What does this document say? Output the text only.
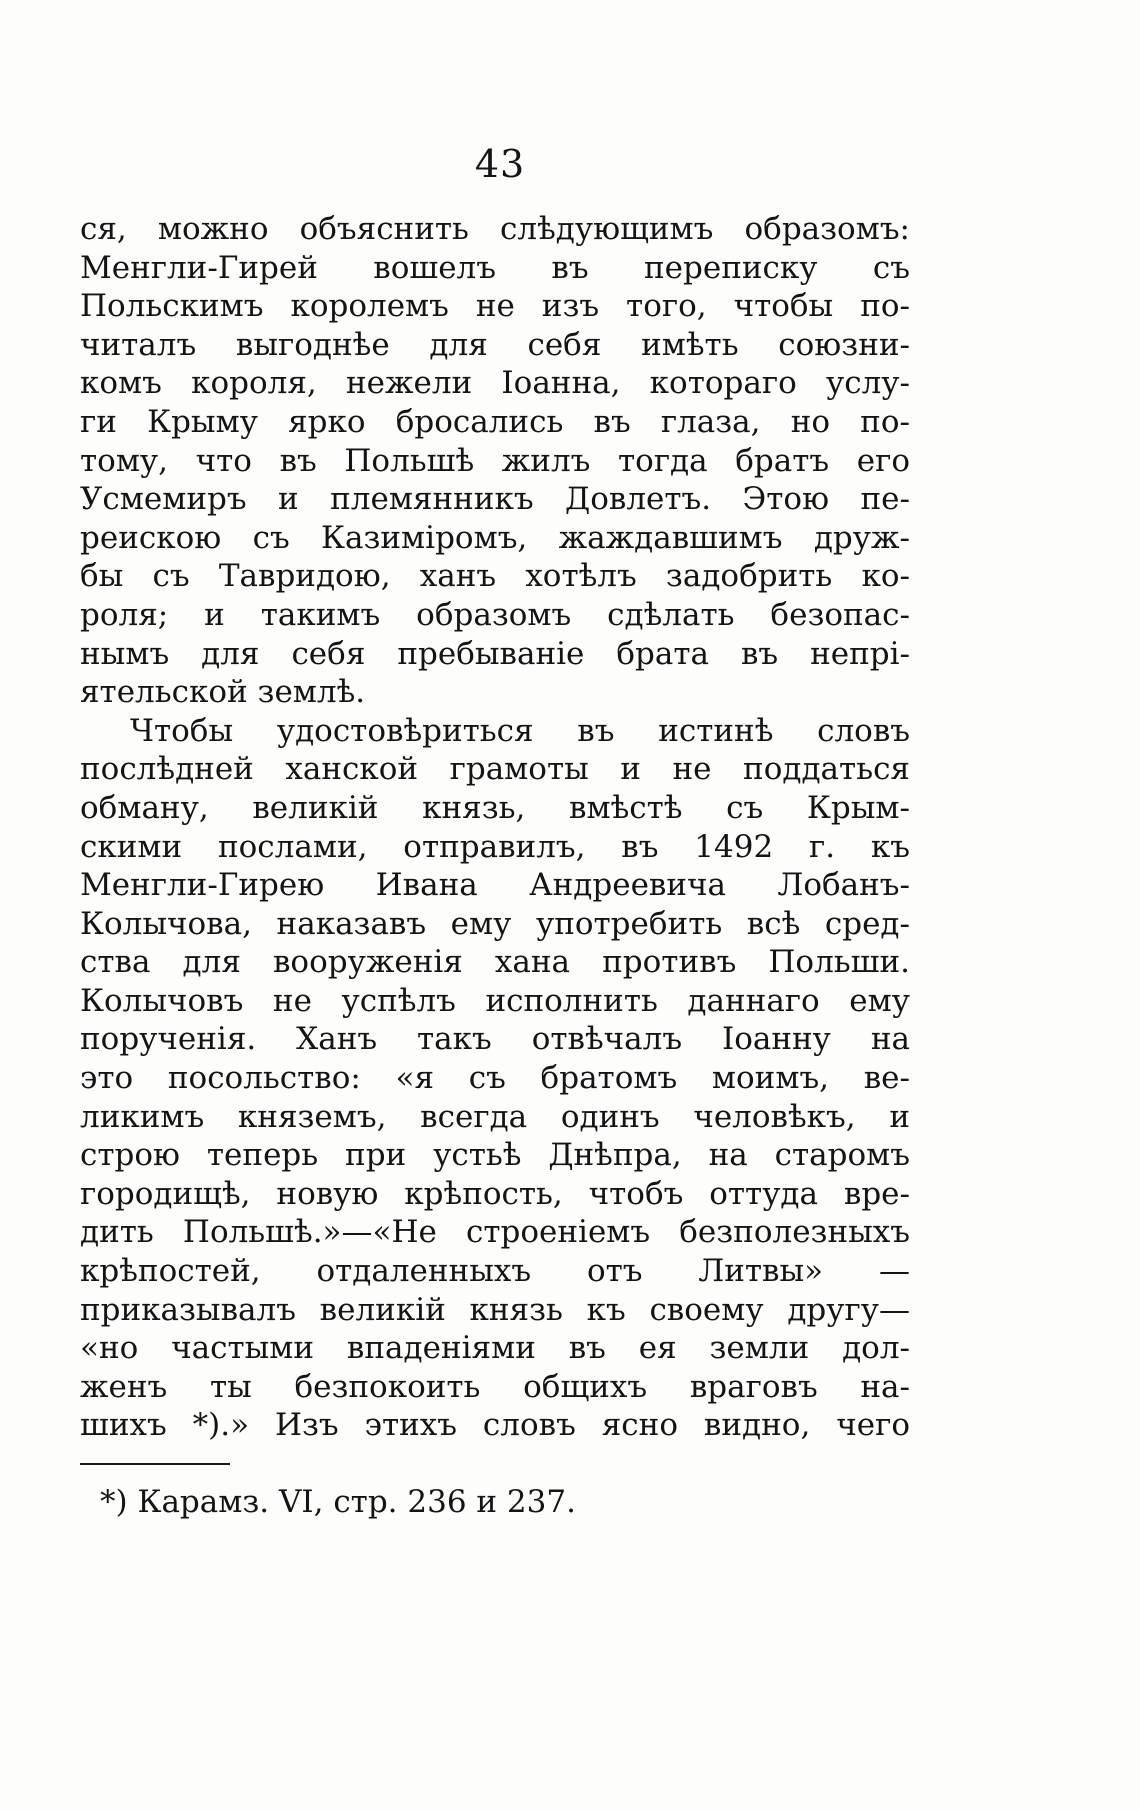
43
ся, можно объяснить слѣдующимъ образомъ:
Менгли-Гирей вошелъ въ переписку съ
Польскимъ королемъ не изъ того, чтобы по-
читалъ выгоднѣе для себя имѣть союзни-
комъ короля, нежели Іоанна, котораго услу-
ги Крыму ярко бросались въ глаза, но по-
тому, что въ Польшѣ жилъ тогда братъ его
Усмемиръ и племянникъ Довлетъ. Этою пе-
реискою съ Казиміромъ, жаждавшимъ друж-
бы съ Тавридою, ханъ хотѣлъ задобрить ко-
роля; и такимъ образомъ сдѣлать безопас-
нымъ для себя пребываніе брата въ непрі-
ятельской землѣ.
Чтобы удостовѣриться въ истинѣ словъ
послѣдней ханской грамоты и не поддаться
обману, великій князь, вмѣстѣ съ Крым-
скими послами, отправилъ, въ 1492 г. къ
Менгли-Гирею Ивана Андреевича Лобанъ-
Колычова, наказавъ ему употребить всѣ сред-
ства для вооруженія хана противъ Польши.
Колычовъ не успѣлъ исполнить даннаго ему
порученія. Ханъ такъ отвѣчалъ Іоанну на
это посольство: «я съ братомъ моимъ, ве-
ликимъ княземъ, всегда одинъ человѣкъ, и
строю теперь при устьѣ Днѣпра, на старомъ
городищѣ, новую крѣпость, чтобъ оттуда вре-
дить Польшѣ.»—«Не строеніемъ безполезныхъ
крѣпостей, отдаленныхъ отъ Литвы» —
приказывалъ великій князь къ своему другу—
«но частыми впаденіями въ ея земли дол-
женъ ты безпокоить общихъ враговъ на-
шихъ *).» Изъ этихъ словъ ясно видно, чего
*) Карамз. VI, стр. 236 и 237.
